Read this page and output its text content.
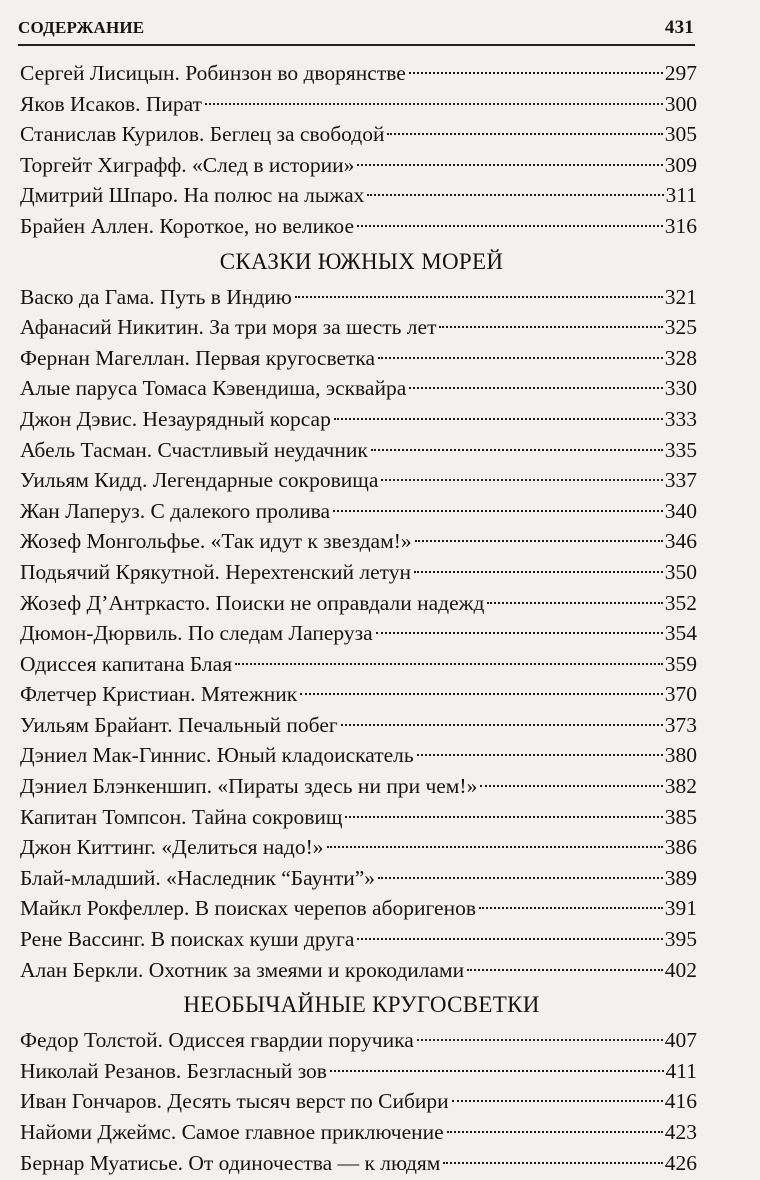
СОДЕРЖАНИЕ	431
Сергей Лисицын. Робинзон во дворянстве	297
Яков Исаков. Пират	300
Станислав Курилов. Беглец за свободой	305
Торгейт Хиграфф. «След в истории»	309
Дмитрий Шпаро. На полюс на лыжах	311
Брайен Аллен. Короткое, но великое	316
СКАЗКИ ЮЖНЫХ МОРЕЙ
Васко да Гама. Путь в Индию	321
Афанасий Никитин. За три моря за шесть лет	325
Фернан Магеллан. Первая кругосветка	328
Алые паруса Томаса Кэвендиша, эсквайра	330
Джон Дэвис. Незаурядный корсар	333
Абель Тасман. Счастливый неудачник	335
Уильям Кидд. Легендарные сокровища	337
Жан Лаперуз. С далекого пролива	340
Жозеф Монгольфье. «Так идут к звездам!»	346
Подьячий Крякутной. Нерехтенский летун	350
Жозеф Д’Антркасто. Поиски не оправдали надежд	352
Дюмон-Дюрвиль. По следам Лаперуза	354
Одиссея капитана Блая	359
Флетчер Кристиан. Мятежник	370
Уильям Брайант. Печальный побег	373
Дэниел Мак-Гиннис. Юный кладоискатель	380
Дэниел Блэнкеншип. «Пираты здесь ни при чем!»	382
Капитан Томпсон. Тайна сокровищ	385
Джон Киттинг. «Делиться надо!»	386
Блай-младший. «Наследник “Баунти”»	389
Майкл Рокфеллер. В поисках черепов аборигенов	391
Рене Вассинг. В поисках куши друга	395
Алан Беркли. Охотник за змеями и крокодилами	402
НЕОБЫЧАЙНЫЕ КРУГОСВЕТКИ
Федор Толстой. Одиссея гвардии поручика	407
Николай Резанов. Безгласный зов	411
Иван Гончаров. Десять тысяч верст по Сибири	416
Найоми Джеймс. Самое главное приключение	423
Бернар Муатисье. От одиночества — к людям	426
